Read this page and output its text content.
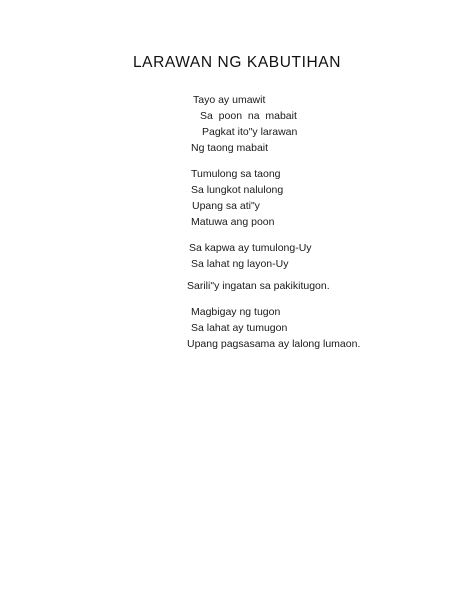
LARAWAN NG KABUTIHAN
Tayo ay umawit
Sa  poon  na  mabait
Pagkat ito"y larawan
Ng taong mabait
Tumulong sa taong
Sa lungkot nalulong
Upang sa ati"y
Matuwa ang poon
Sa kapwa ay tumulong-Uy
Sa lahat ng layon-Uy
Sarili"y ingatan sa pakikitugon.
Magbigay ng tugon
Sa lahat ay tumugon
Upang pagsasama ay lalong lumaon.
